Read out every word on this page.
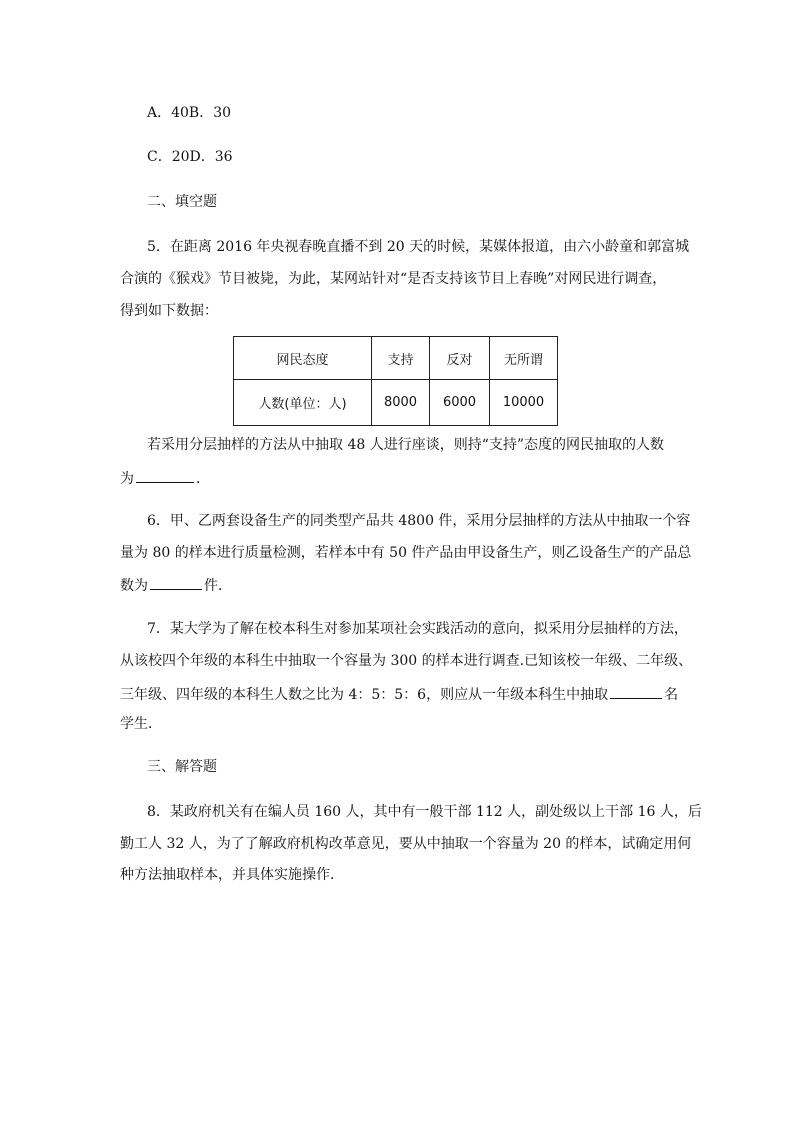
A．40B．30

C．20D．36

二、填空题

5．在距离 2016 年央视春晚直播不到 20 天的时候，某媒体报道，由六小龄童和郭富城

合演的《猴戏》节目被毙，为此，某网站针对“是否支持该节目上春晚”对网民进行调查，

得到如下数据：

网民态度	支持	反对	无所谓
人数(单位：人)	8000	6000	10000

若采用分层抽样的方法从中抽取 48 人进行座谈，则持“支持”态度的网民抽取的人数

为	．

6．甲、乙两套设备生产的同类型产品共 4800 件，采用分层抽样的方法从中抽取一个容

量为 80 的样本进行质量检测，若样本中有 50 件产品由甲设备生产，则乙设备生产的产品总

数为	件．

7．某大学为了解在校本科生对参加某项社会实践活动的意向，拟采用分层抽样的方法，

从该校四个年级的本科生中抽取一个容量为 300 的样本进行调查.已知该校一年级、二年级、

三年级、四年级的本科生人数之比为 4：5：5：6，则应从一年级本科生中抽取	名

学生．

三、解答题

8．某政府机关有在编人员 160 人，其中有一般干部 112 人，副处级以上干部 16 人，后

勤工人 32 人，为了了解政府机构改革意见，要从中抽取一个容量为 20 的样本，试确定用何

种方法抽取样本，并具体实施操作．
